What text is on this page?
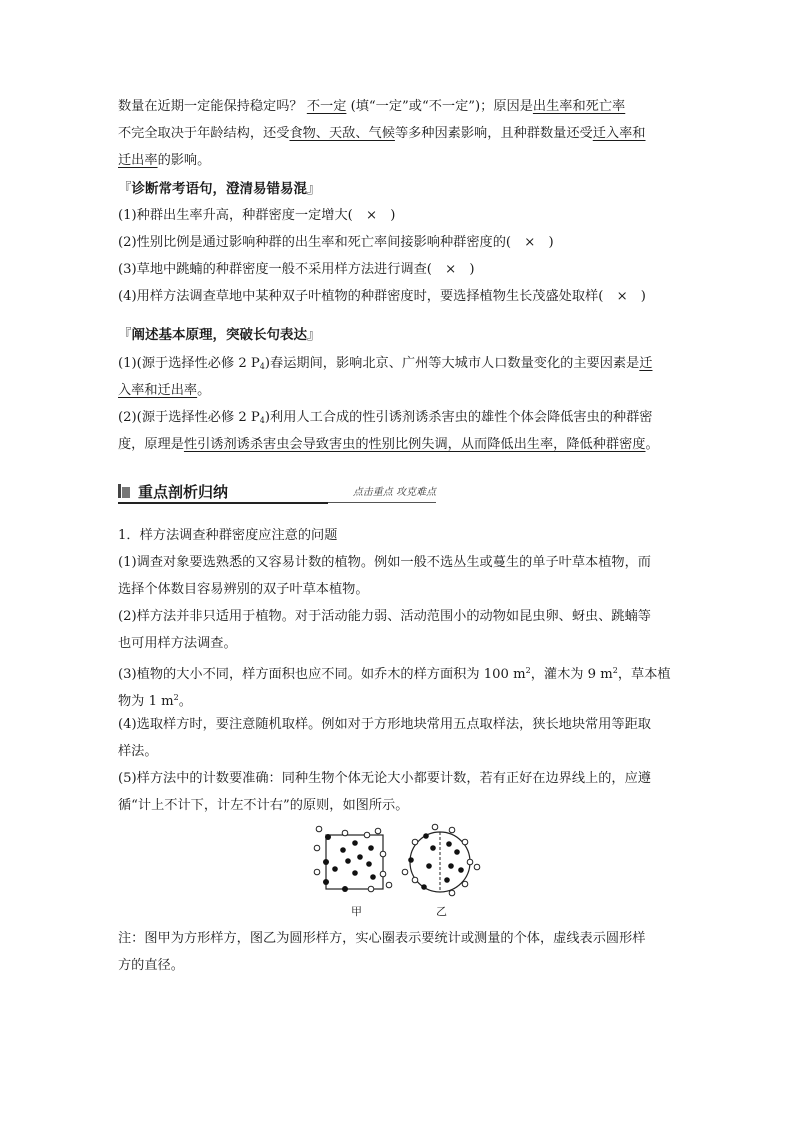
数量在近期一定能保持稳定吗？ 不一定 (填“一定”或“不一定”)；原因是出生率和死亡率
不完全取决于年龄结构，还受食物、天敌、气候等多种因素影响，且种群数量还受迁入率和
迁出率的影响。
『诊断常考语句，澄清易错易混』
(1)种群出生率升高，种群密度一定增大(　×　)
(2)性别比例是通过影响种群的出生率和死亡率间接影响种群密度的(　×　)
(3)草地中跳蝻的种群密度一般不采用样方法进行调查(　×　)
(4)用样方法调查草地中某种双子叶植物的种群密度时，要选择植物生长茂盛处取样(　×　)
『阐述基本原理，突破长句表达』
(1)(源于选择性必修 2 $P_4$)春运期间，影响北京、广州等大城市人口数量变化的主要因素是迁
入率和迁出率。
(2)(源于选择性必修 2 $P_4$)利用人工合成的性引诱剂诱杀害虫的雄性个体会降低害虫的种群密
度，原理是性引诱剂诱杀害虫会导致害虫的性别比例失调，从而降低出生率，降低种群密度。
重点剖析归纳	点击重点 攻克难点
1．样方法调查种群密度应注意的问题
(1)调查对象要选熟悉的又容易计数的植物。例如一般不选丛生或蔓生的单子叶草本植物，而
选择个体数目容易辨别的双子叶草本植物。
(2)样方法并非只适用于植物。对于活动能力弱、活动范围小的动物如昆虫卵、蚜虫、跳蝻等
也可用样方法调查。
(3)植物的大小不同，样方面积也应不同。如乔木的样方面积为 100 $m^2$，灌木为 9 $m^2$，草本植
物为 1 $m^2$。
(4)选取样方时，要注意随机取样。例如对于方形地块常用五点取样法，狭长地块常用等距取
样法。
(5)样方法中的计数要准确：同种生物个体无论大小都要计数，若有正好在边界线上的，应遵
循“计上不计下，计左不计右”的原则，如图所示。
甲	乙
注：图甲为方形样方，图乙为圆形样方，实心圈表示要统计或测量的个体，虚线表示圆形样
方的直径。
